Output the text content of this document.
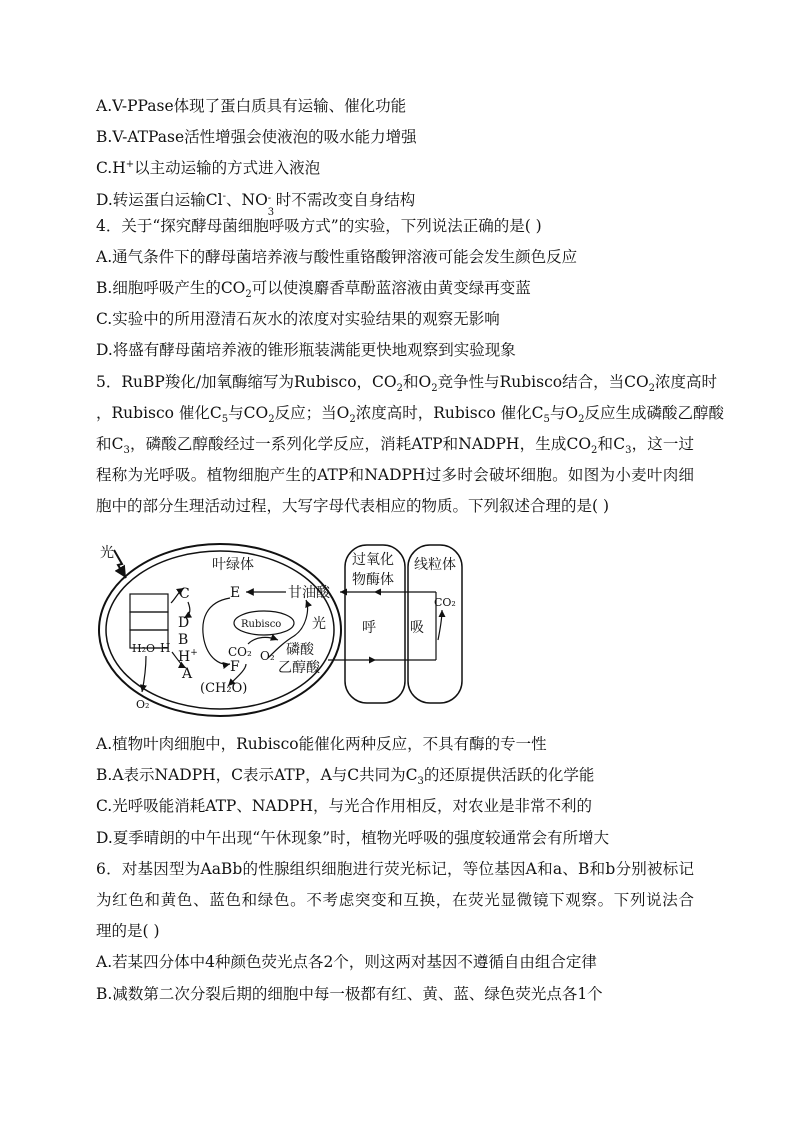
A.V-PPase体现了蛋白质具有运输、催化功能
B.V-ATPase活性增强会使液泡的吸水能力增强
C.H+以主动运输的方式进入液泡
D.转运蛋白运输Cl-、NO -
3
时不需改变自身结构
4．关于“探究酵母菌细胞呼吸方式”的实验，下列说法正确的是( )
A.通气条件下的酵母菌培养液与酸性重铬酸钾溶液可能会发生颜色反应
B.细胞呼吸产生的$CO_2$可以使溴麝香草酚蓝溶液由黄变绿再变蓝
C.实验中的所用澄清石灰水的浓度对实验结果的观察无影响
D.将盛有酵母菌培养液的锥形瓶装满能更快地观察到实验现象
5．RuBP羧化/加氧酶缩写为Rubisco，$CO_2$和$O_2$竞争性与Rubisco结合，当$CO_2$浓度高时
，Rubisco 催化$C_5$与$CO_2$反应；当$O_2$浓度高时，Rubisco 催化$C_5$与$O_2$反应生成磷酸乙醇酸
和$C_3$，磷酸乙醇酸经过一系列化学反应，消耗ATP和NADPH，生成$CO_2$和$C_3$，这一过
程称为光呼吸。植物细胞产生的ATP和NADPH过多时会破坏细胞。如图为小麦叶肉细
胞中的部分生理活动过程，大写字母代表相应的物质。下列叙述合理的是( )
光
叶绿体	过氧化
物酶体
线粒体
E	甘油酸
C
D
B
H+
A	F
H₂O H
O₂
Rubisco 光
CO₂ O₂ 磷酸
乙醇酸
(CH₂O)
呼 吸
CO₂
A.植物叶肉细胞中，Rubisco能催化两种反应，不具有酶的专一性
B.A表示NADPH，C表示ATP，A与C共同为$C_3$的还原提供活跃的化学能
C.光呼吸能消耗ATP、NADPH，与光合作用相反，对农业是非常不利的
D.夏季晴朗的中午出现“午休现象”时，植物光呼吸的强度较通常会有所增大
6．对基因型为AaBb的性腺组织细胞进行荧光标记，等位基因A和a、B和b分别被标记
为红色和黄色、蓝色和绿色。不考虑突变和互换，在荧光显微镜下观察。下列说法合
理的是( )
A.若某四分体中4种颜色荧光点各2个，则这两对基因不遵循自由组合定律
B.减数第二次分裂后期的细胞中每一极都有红、黄、蓝、绿色荧光点各1个
